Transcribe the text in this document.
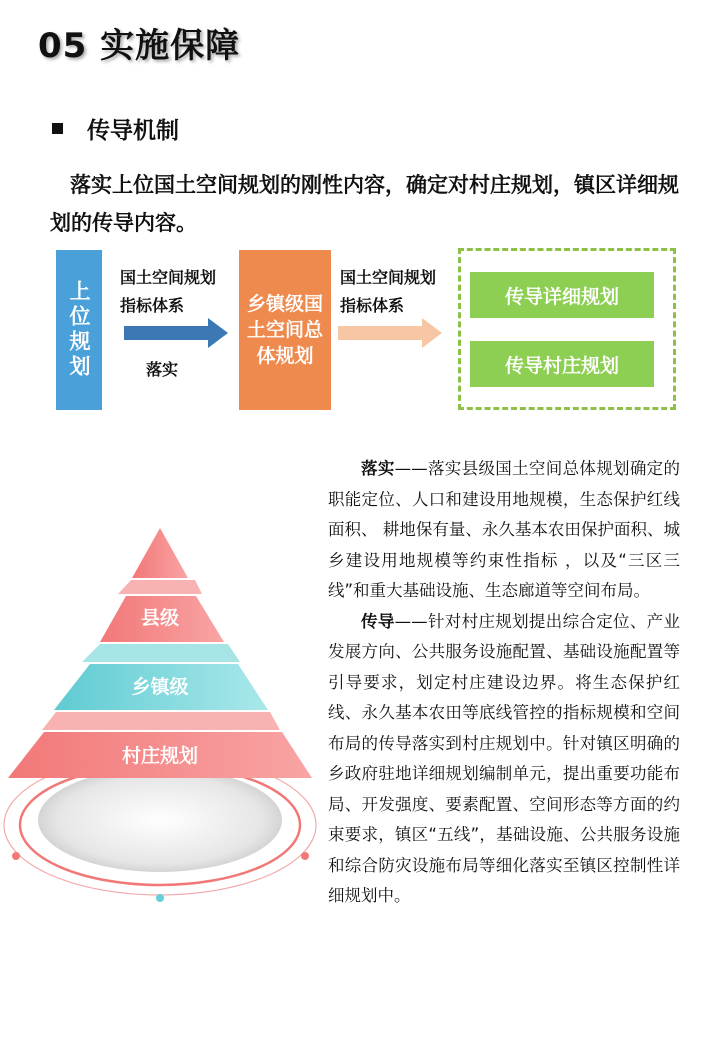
05 实施保障
传导机制
落实上位国土空间规划的刚性内容，确定对村庄规划，镇区详细规划的传导内容。
上位规划
国土空间规划指标体系
落实
乡镇级国土空间总体规划
国土空间规划指标体系	传导详细规划
传导村庄规划
县级
乡镇级
村庄规划

落实——落实县级国土空间总体规划确定的职能定位、人口和建设用地规模，生态保护红线面积、 耕地保有量、永久基本农田保护面积、城乡建设用地规模等约束性指标 ，以及“三区三线”和重大基础设施、生态廊道等空间布局。

传导——针对村庄规划提出综合定位、产业发展方向、公共服务设施配置、基础设施配置等引导要求，划定村庄建设边界。将生态保护红线、永久基本农田等底线管控的指标规模和空间布局的传导落实到村庄规划中。针对镇区明确的乡政府驻地详细规划编制单元，提出重要功能布局、开发强度、要素配置、空间形态等方面的约束要求，镇区“五线”，基础设施、公共服务设施和综合防灾设施布局等细化落实至镇区控制性详细规划中。
